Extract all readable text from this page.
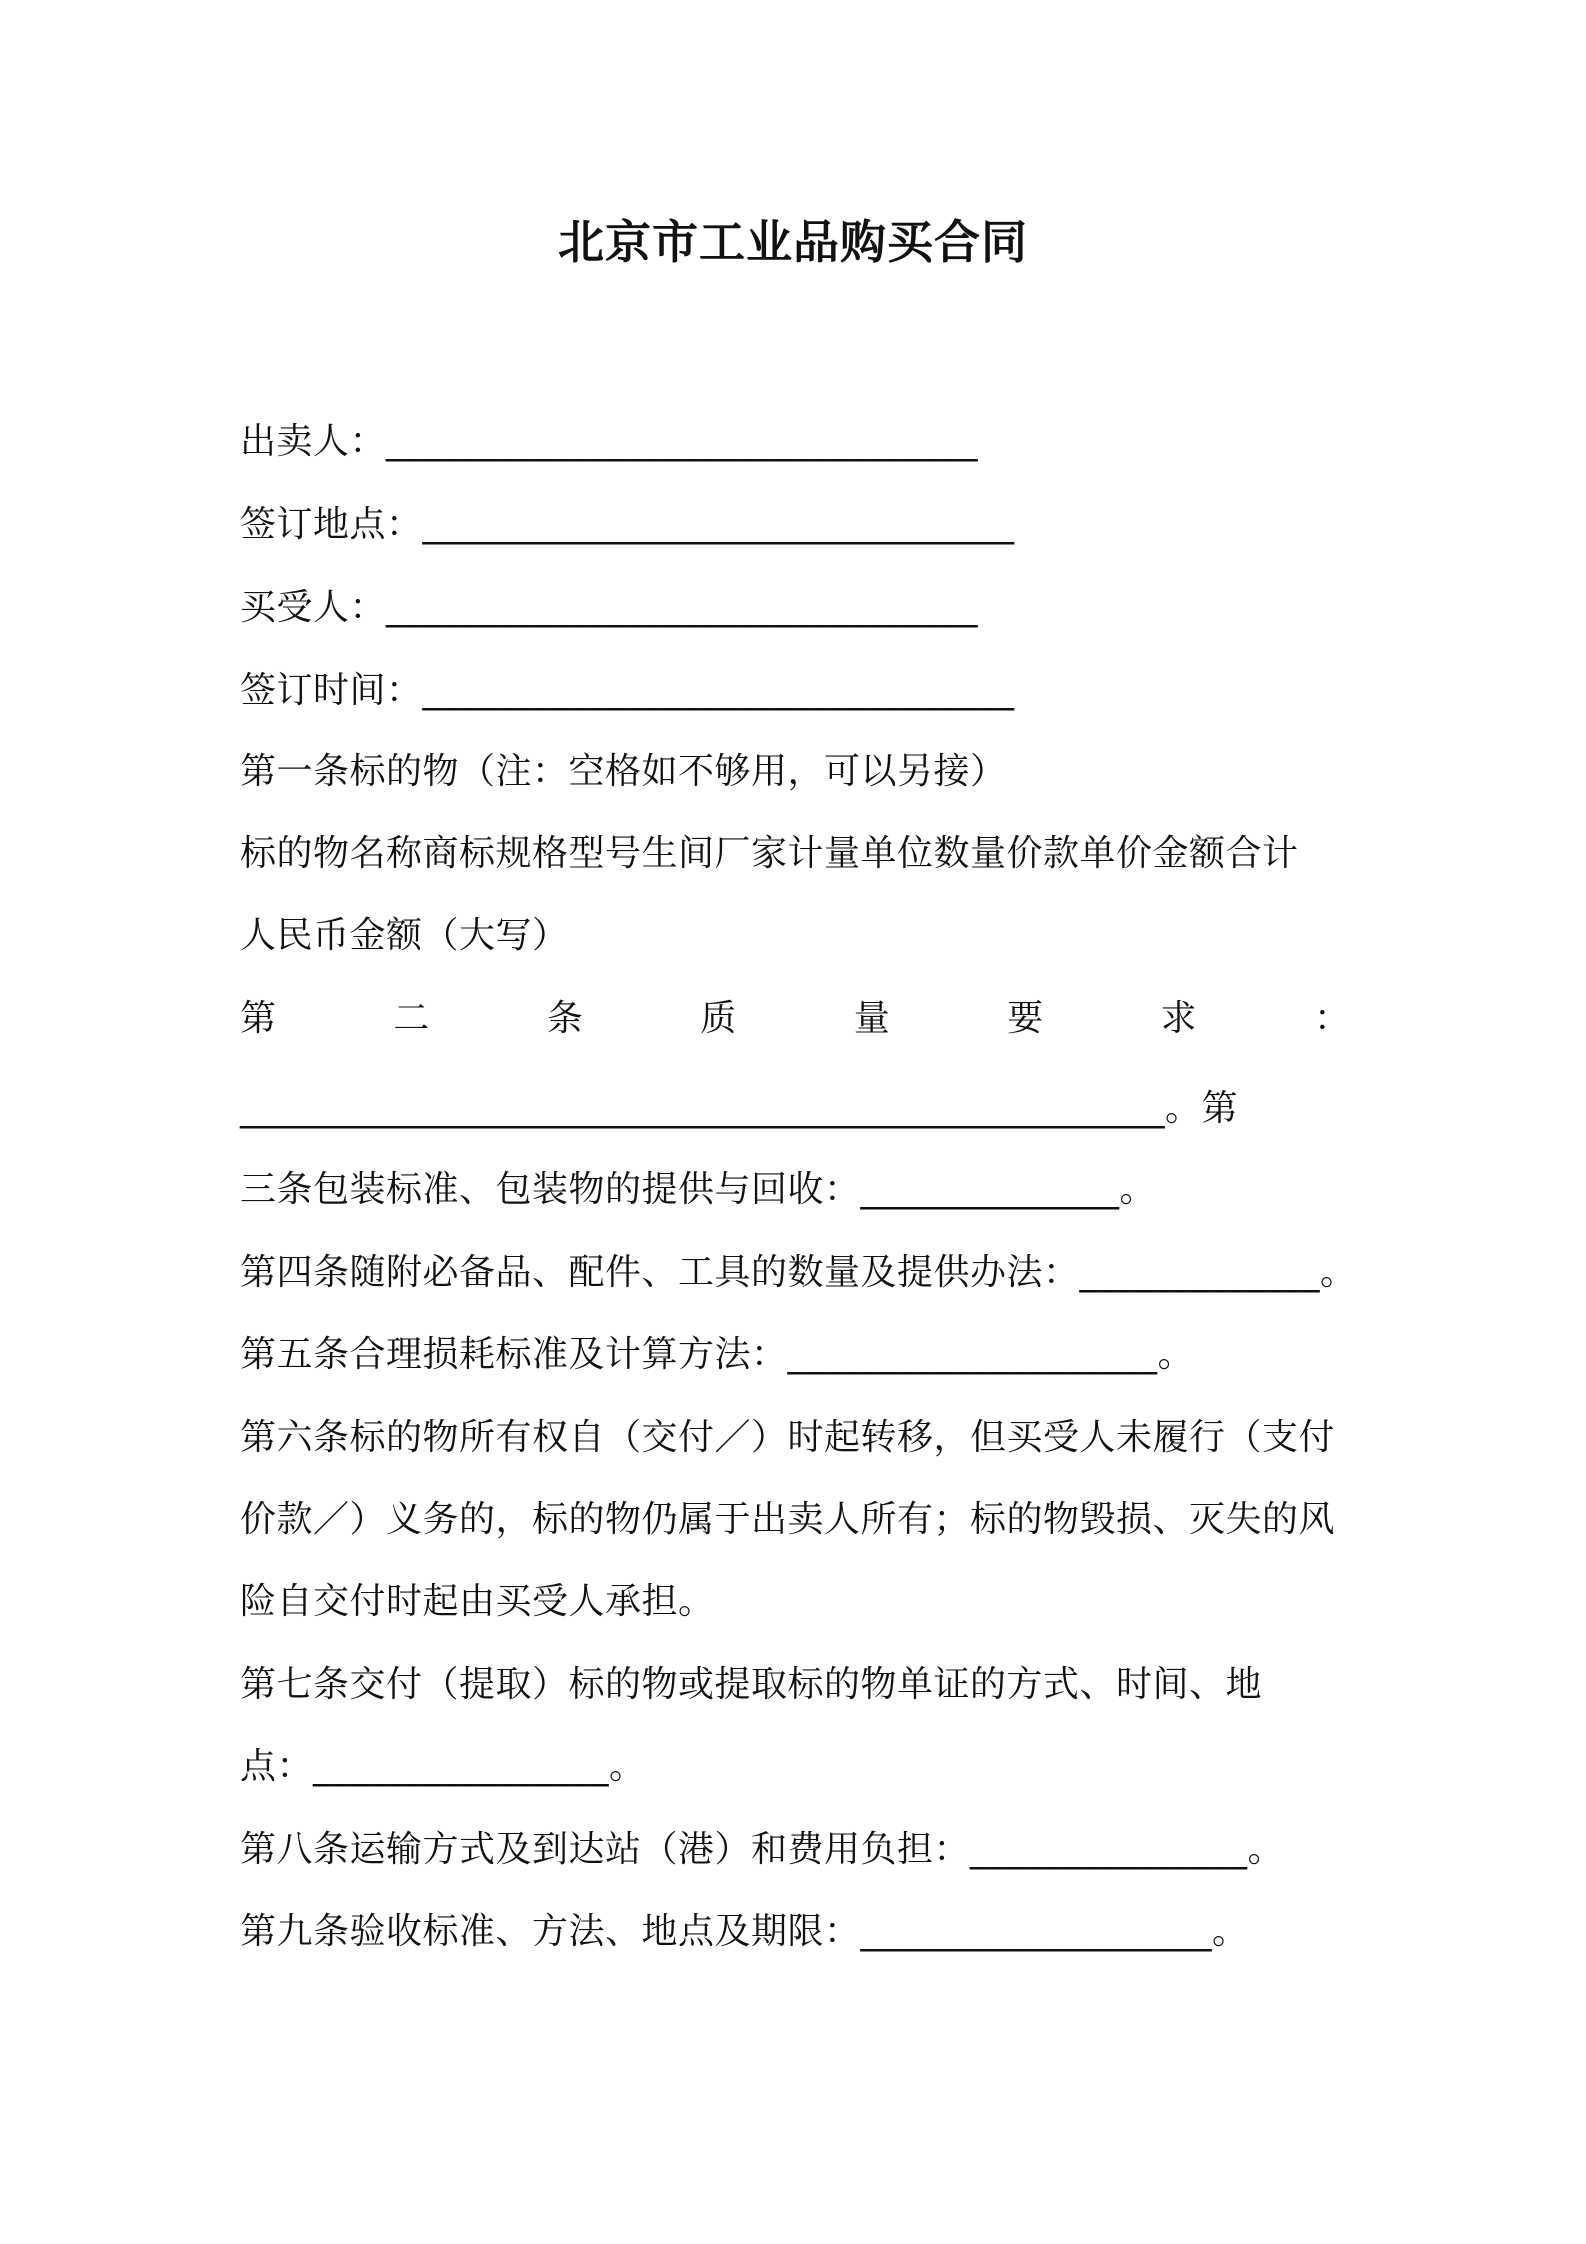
北京市工业品购买合同
出卖人：________________________________
签订地点：________________________________
买受人：________________________________
签订时间：________________________________
第一条标的物（注：空格如不够用，可以另接）
标的物名称商标规格型号生间厂家计量单位数量价款单价金额合计
人民币金额（大写）
第	二	条	质	量	要	求	：
__________________________________________________。第
三条包装标准、包装物的提供与回收：______________。
第四条随附必备品、配件、工具的数量及提供办法：_____________。
第五条合理损耗标准及计算方法：____________________。
第六条标的物所有权自（交付／）时起转移，但买受人未履行（支付
价款／）义务的，标的物仍属于出卖人所有；标的物毁损、灭失的风
险自交付时起由买受人承担。
第七条交付（提取）标的物或提取标的物单证的方式、时间、地
点：________________。
第八条运输方式及到达站（港）和费用负担：_______________。
第九条验收标准、方法、地点及期限：___________________。
